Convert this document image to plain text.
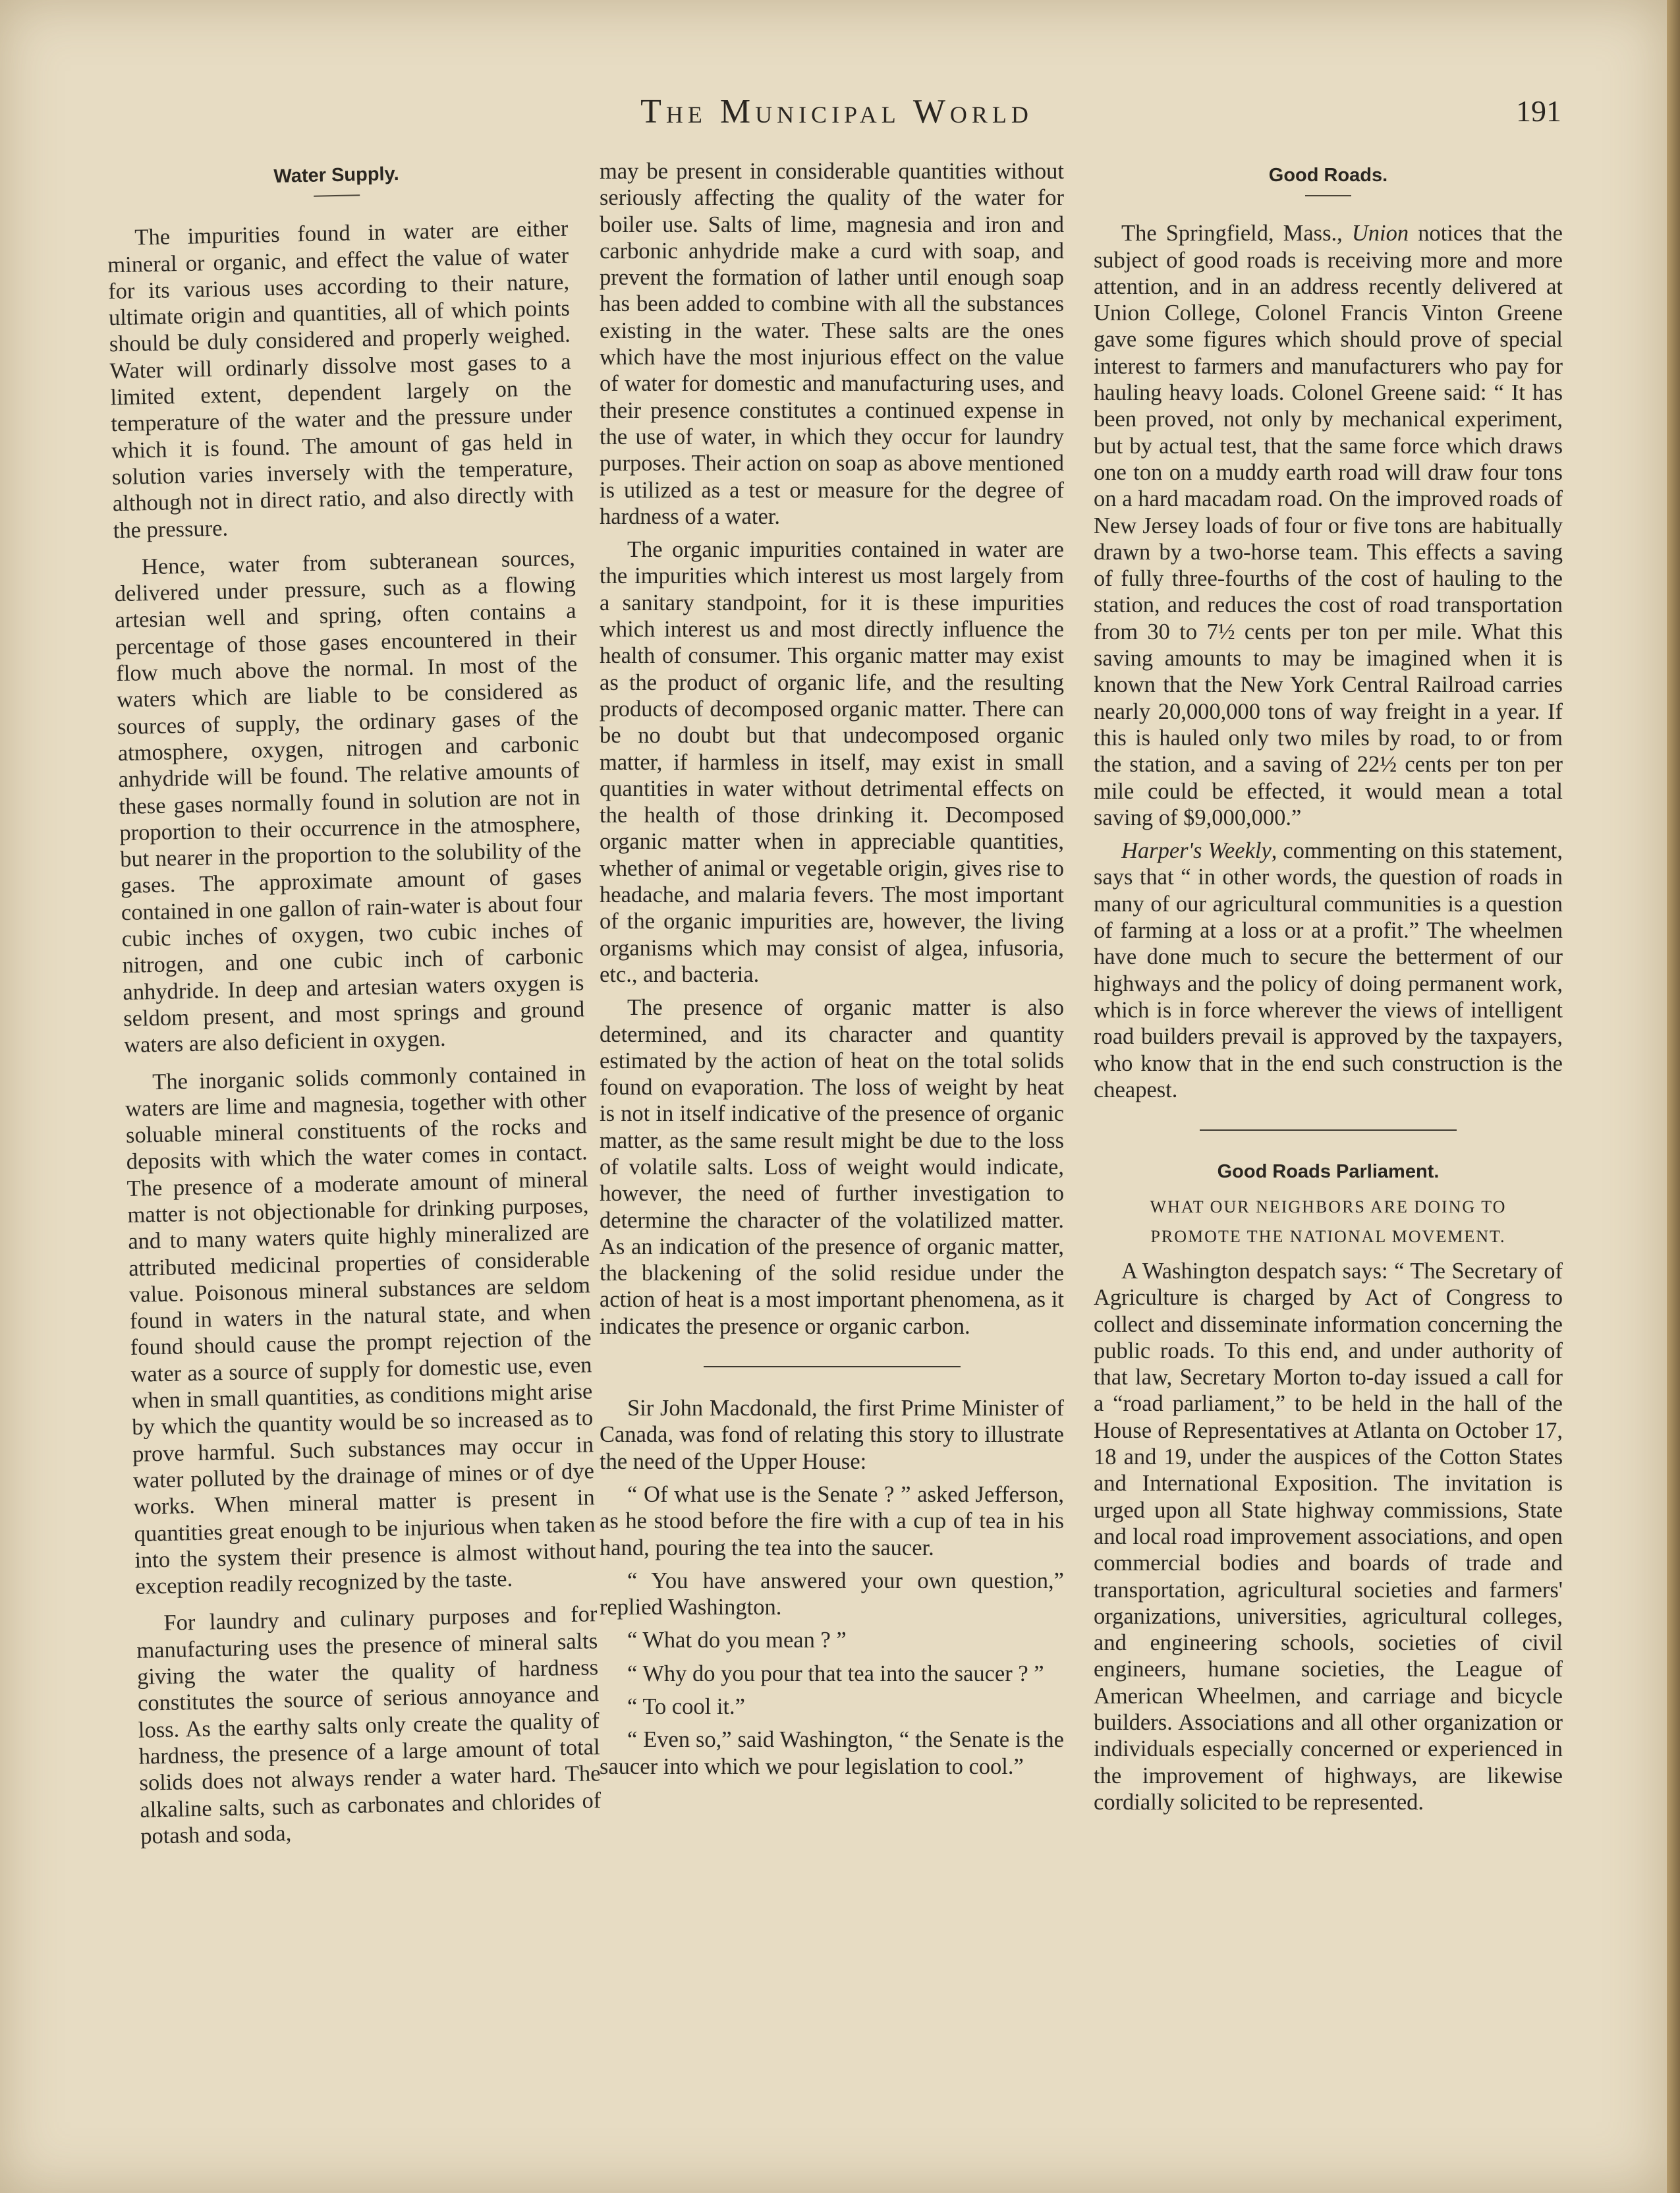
The Municipal World	191
Water Supply.

The impurities found in water are either mineral or organic, and effect the value of water for its various uses according to their nature, ultimate origin and quantities, all of which points should be duly considered and properly weighed. Water will ordinarly dissolve most gases to a limited extent, dependent largely on the temperature of the water and the pressure under which it is found. The amount of gas held in solution varies inversely with the temperature, although not in direct ratio, and also directly with the pressure.

Hence, water from subteranean sources, delivered under pressure, such as a flowing artesian well and spring, often contains a percentage of those gases encountered in their flow much above the normal. In most of the waters which are liable to be considered as sources of supply, the ordinary gases of the atmosphere, oxygen, nitrogen and carbonic anhydride will be found. The relative amounts of these gases normally found in solution are not in proportion to their occurrence in the atmosphere, but nearer in the proportion to the solubility of the gases. The approximate amount of gases contained in one gallon of rain-water is about four cubic inches of oxygen, two cubic inches of nitrogen, and one cubic inch of carbonic anhydride. In deep and artesian waters oxygen is seldom present, and most springs and ground waters are also deficient in oxygen.

The inorganic solids commonly contained in waters are lime and magnesia, together with other soluable mineral constituents of the rocks and deposits with which the water comes in contact. The presence of a moderate amount of mineral matter is not objectionable for drinking purposes, and to many waters quite highly mineralized are attributed medicinal properties of considerable value. Poisonous mineral substances are seldom found in waters in the natural state, and when found should cause the prompt rejection of the water as a source of supply for domestic use, even when in small quantities, as conditions might arise by which the quantity would be so increased as to prove harmful. Such substances may occur in water polluted by the drainage of mines or of dye works. When mineral matter is present in quantities great enough to be injurious when taken into the system their presence is almost without exception readily recognized by the taste.

For laundry and culinary purposes and for manufacturing uses the presence of mineral salts giving the water the quality of hardness constitutes the source of serious annoyance and loss. As the earthy salts only create the quality of hardness, the presence of a large amount of total solids does not always render a water hard. The alkaline salts, such as carbonates and chlorides of potash and soda,

may be present in considerable quantities without seriously affecting the quality of the water for boiler use. Salts of lime, magnesia and iron and carbonic anhydride make a curd with soap, and prevent the formation of lather until enough soap has been added to combine with all the substances existing in the water. These salts are the ones which have the most injurious effect on the value of water for domestic and manufacturing uses, and their presence constitutes a continued expense in the use of water, in which they occur for laundry purposes. Their action on soap as above mentioned is utilized as a test or measure for the degree of hardness of a water.

The organic impurities contained in water are the impurities which interest us most largely from a sanitary standpoint, for it is these impurities which interest us and most directly influence the health of consumer. This organic matter may exist as the product of organic life, and the resulting products of decomposed organic matter. There can be no doubt but that undecomposed organic matter, if harmless in itself, may exist in small quantities in water without detrimental effects on the health of those drinking it. Decomposed organic matter when in appreciable quantities, whether of animal or vegetable origin, gives rise to headache, and malaria fevers. The most important of the organic impurities are, however, the living organisms which may consist of algea, infusoria, etc., and bacteria.

The presence of organic matter is also determined, and its character and quantity estimated by the action of heat on the total solids found on evaporation. The loss of weight by heat is not in itself indicative of the presence of organic matter, as the same result might be due to the loss of volatile salts. Loss of weight would indicate, however, the need of further investigation to determine the character of the volatilized matter. As an indication of the presence of organic matter, the blackening of the solid residue under the action of heat is a most important phenomena, as it indicates the presence or organic carbon.

Sir John Macdonald, the first Prime Minister of Canada, was fond of relating this story to illustrate the need of the Upper House:

“ Of what use is the Senate ? ” asked Jefferson, as he stood before the fire with a cup of tea in his hand, pouring the tea into the saucer.

“ You have answered your own question,” replied Washington.

“ What do you mean ? ”

“ Why do you pour that tea into the saucer ? ”

“ To cool it.”

“ Even so,” said Washington, “ the Senate is the saucer into which we pour legislation to cool.”

Good Roads.

The Springfield, Mass., Union notices that the subject of good roads is receiving more and more attention, and in an address recently delivered at Union College, Colonel Francis Vinton Greene gave some figures which should prove of special interest to farmers and manufacturers who pay for hauling heavy loads. Colonel Greene said: “ It has been proved, not only by mechanical experiment, but by actual test, that the same force which draws one ton on a muddy earth road will draw four tons on a hard macadam road. On the improved roads of New Jersey loads of four or five tons are habitually drawn by a two-horse team. This effects a saving of fully three-fourths of the cost of hauling to the station, and reduces the cost of road transportation from 30 to 7½ cents per ton per mile. What this saving amounts to may be imagined when it is known that the New York Central Railroad carries nearly 20,000,000 tons of way freight in a year. If this is hauled only two miles by road, to or from the station, and a saving of 22½ cents per ton per mile could be effected, it would mean a total saving of $9,000,000.”

Harper's Weekly, commenting on this statement, says that “ in other words, the question of roads in many of our agricultural communities is a question of farming at a loss or at a profit.” The wheelmen have done much to secure the betterment of our highways and the policy of doing permanent work, which is in force wherever the views of intelligent road builders prevail is approved by the taxpayers, who know that in the end such construction is the cheapest.

Good Roads Parliament.
WHAT OUR NEIGHBORS ARE DOING TO
PROMOTE THE NATIONAL MOVEMENT.

A Washington despatch says: “ The Secretary of Agriculture is charged by Act of Congress to collect and disseminate information concerning the public roads. To this end, and under authority of that law, Secretary Morton to-day issued a call for a “road parliament,” to be held in the hall of the House of Representatives at Atlanta on October 17, 18 and 19, under the auspices of the Cotton States and International Exposition. The invitation is urged upon all State highway commissions, State and local road improvement associations, and open commercial bodies and boards of trade and transportation, agricultural societies and farmers' organizations, universities, agricultural colleges, and engineering schools, societies of civil engineers, humane societies, the League of American Wheelmen, and carriage and bicycle builders. Associations and all other organization or individuals especially concerned or experienced in the improvement of highways, are likewise cordially solicited to be represented.
